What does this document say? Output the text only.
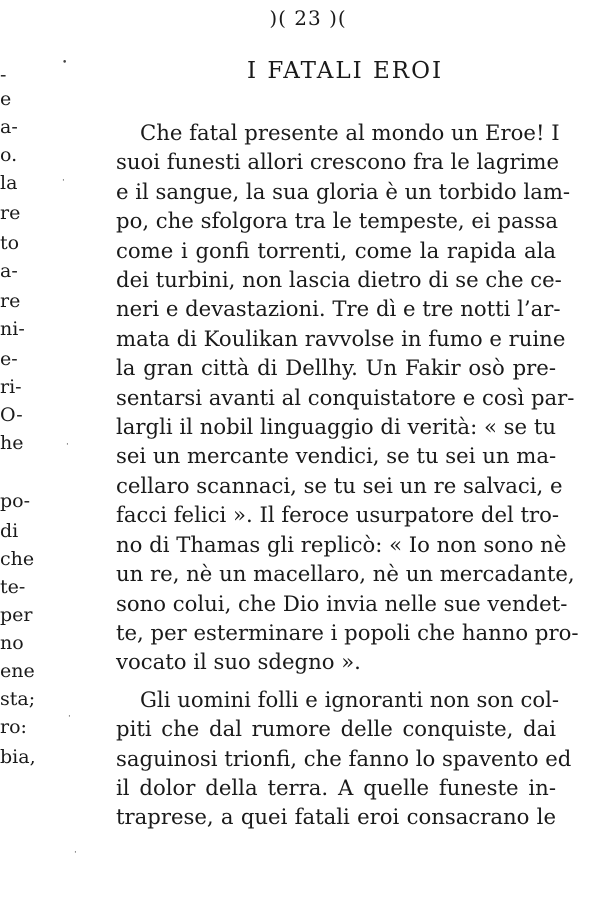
)( 23 )(
I FATALI EROI
Che fatal presente al mondo un Eroe! I
suoi funesti allori crescono fra le lagrime
e il sangue, la sua gloria è un torbido lam-
po, che sfolgora tra le tempeste, ei passa
come i gonfi torrenti, come la rapida ala
dei turbini, non lascia dietro di se che ce-
neri e devastazioni. Tre dì e tre notti l’ar-
mata di Koulikan ravvolse in fumo e ruine
la gran città di Dellhy. Un Fakir osò pre-
sentarsi avanti al conquistatore e così par-
largli il nobil linguaggio di verità: « se tu
sei un mercante vendici, se tu sei un ma-
cellaro scannaci, se tu sei un re salvaci, e
facci felici ». Il feroce usurpatore del tro-
no di Thamas gli replicò: « Io non sono nè
un re, nè un macellaro, nè un mercadante,
sono colui, che Dio invia nelle sue vendet-
te, per esterminare i popoli che hanno pro-
vocato il suo sdegno ».
Gli uomini folli e ignoranti non son col-
piti che dal rumore delle conquiste, dai
saguinosi trionfi, che fanno lo spavento ed
il dolor della terra. A quelle funeste in-
traprese, a quei fatali eroi consacrano le
-
e
a-
o.
la
re
to
a-
re
ni-
e-
ri-
O-
he
po-
di
che
te-
per
no
ene
sta;
ro:
bia,
•
·
·
·
·
